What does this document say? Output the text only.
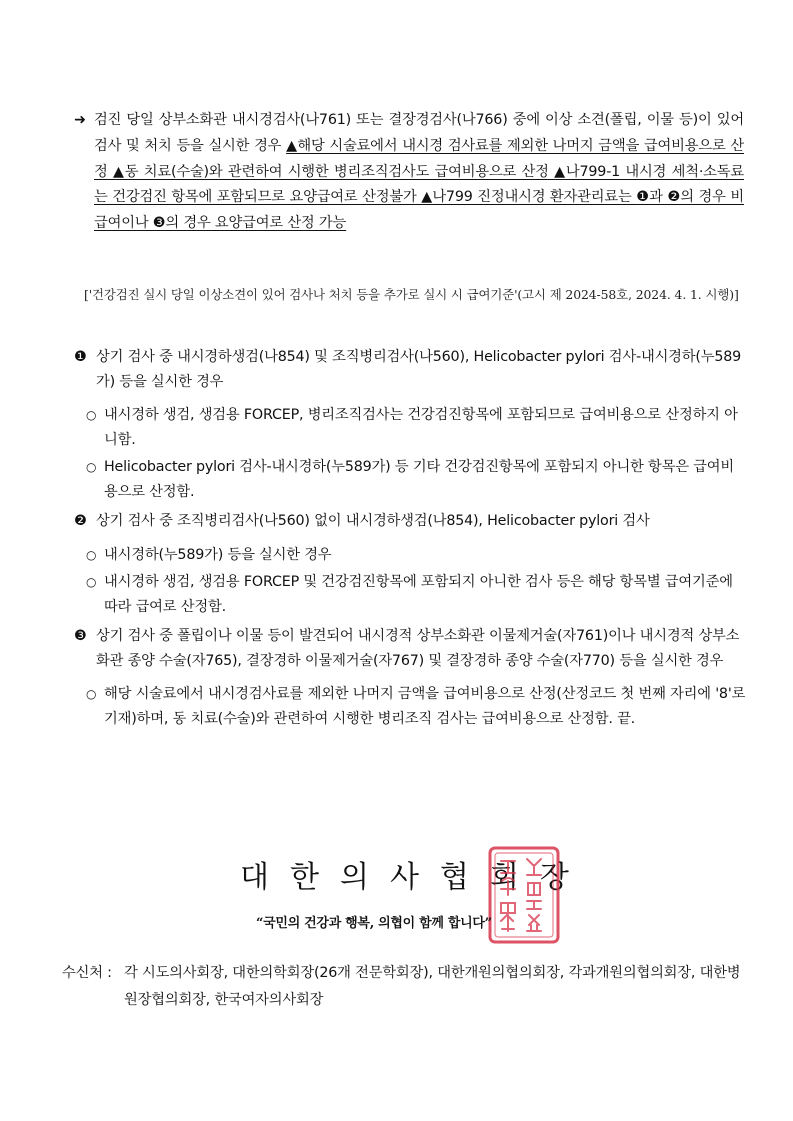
➜ 검진 당일 상부소화관 내시경검사(나761) 또는 결장경검사(나766) 중에 이상 소견(폴립, 이물 등)이 있어 검사 및 처치 등을 실시한 경우 ▲해당 시술료에서 내시경 검사료를 제외한 나머지 금액을 급여비용으로 산정 ▲동 치료(수술)와 관련하여 시행한 병리조직검사도 급여비용으로 산정 ▲나799-1 내시경 세척·소독료는 건강검진 항목에 포함되므로 요양급여로 산정불가 ▲나799 진정내시경 환자관리료는 ❶과 ❷의 경우 비급여이나 ❸의 경우 요양급여로 산정 가능
['건강검진 실시 당일 이상소견이 있어 검사나 처치 등을 추가로 실시 시 급여기준'(고시 제 2024-58호, 2024. 4. 1. 시행)]
❶ 상기 검사 중 내시경하생검(나854) 및 조직병리검사(나560), Helicobacter pylori 검사-내시경하(누589가) 등을 실시한 경우
○ 내시경하 생검, 생검용 FORCEP, 병리조직검사는 건강검진항목에 포함되므로 급여비용으로 산정하지 아니함.
○ Helicobacter pylori 검사-내시경하(누589가) 등 기타 건강검진항목에 포함되지 아니한 항목은 급여비용으로 산정함.
❷ 상기 검사 중 조직병리검사(나560) 없이 내시경하생검(나854), Helicobacter pylori 검사
○ 내시경하(누589가) 등을 실시한 경우
○ 내시경하 생검, 생검용 FORCEP 및 건강검진항목에 포함되지 아니한 검사 등은 해당 항목별 급여기준에 따라 급여로 산정함.
❸ 상기 검사 중 폴립이나 이물 등이 발견되어 내시경적 상부소화관 이물제거술(자761)이나 내시경적 상부소화관 종양 수술(자765), 결장경하 이물제거술(자767) 및 결장경하 종양 수술(자770) 등을 실시한 경우
○ 해당 시술료에서 내시경검사료를 제외한 나머지 금액을 급여비용으로 산정(산정코드 첫 번째 자리에 '8'로 기재)하며, 동 치료(수술)와 관련하여 시행한 병리조직 검사는 급여비용으로 산정함. 끝.
대한의사협회장
“국민의 건강과 행복, 의협이 함께 합니다”
수신처 : 각 시도의사회장, 대한의학회장(26개 전문학회장), 대한개원의협의회장, 각과개원의협의회장, 대한병원장협의회장, 한국여자의사회장
